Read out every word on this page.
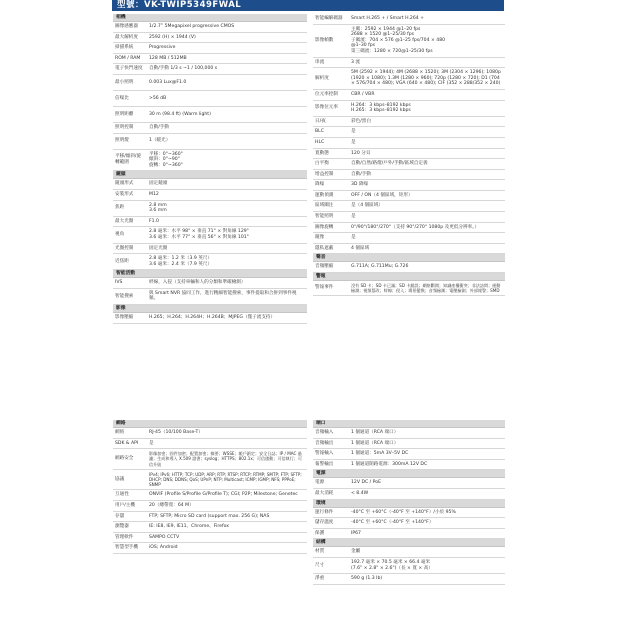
型號：VK-TWIP5349FWAL
相機
圖像感應器	1/2.7” 5Megapixel progressive CMOS
最大解析度	2592 (H) × 1944 (V)
掃描系統	Progressive
ROM / RAM	128 MB / 512MB
電子快門速度	自動/手動 1/3 s ~1 / 100,000 s
最小照明	0.003 Lux@F1.0
信噪比	>56 dB
照明距離	30 m (98.4 ft) (Warm light)
照明控制	自動/手動
照明燈	1（暖光）
平移/傾斜/旋轉範圍
平移：0°~360°
傾斜：0°~90°
旋轉：0°~360°
鏡頭
鏡頭形式	固定鏡頭
安裝形式	M12
焦距
2.8 mm
3.6 mm
最大光圈	F1.0
視角
2.8 毫米：水平 98° × 垂直 71° × 對角線 129°
3.6 毫米：水平 77° × 垂直 56° × 對角線 101°
光圈控制	固定光圈
近焦距
2.8 毫米：1.2 米（3.9 英尺）
3.6 毫米：2.4 米（7.9 英尺）
智能活動
IVS	絆線，入侵（支持車輛和人的分類和準確檢測）
智能搜索
與 Smart NVR 協同工作，進行精細智能搜索，事件提取和合併到事件視頻。
影像
影像壓縮	H.265；H.264；H.264H；H.264B；MJPEG（僅子流支持）
智能編解碼器	Smart H.265 + / Smart H.264 +
影像幀數
主碼：2592 × 1944 @1–20 fps
2688 × 1520 @1–25/30 fps
子碼流：704 × 576 @1–25 fps/704 × 480
@1–30 fps
第三碼流：1280 × 720@1–25/30 fps
串流	3 流
解析度
5M (2592 × 1944); 4M (2688 × 1520); 3M (2304 × 1296); 1080p (1920 × 1080); 1.3M (1280 × 960); 720p (1280 × 720); D1 (704 × 576/704 × 480); VGA (640 × 480); CIF (352 × 288/352 × 240)
位元率控制	CBR / VBR
影像位元率
H.264：3 kbps–8192 kbps
H.265：3 kbps–8192 kbps
日/夜	彩色/黑白
BLC	是
HLC	是
寬動態	120 分貝
白平衡	自動/自然/路燈/戶外/手動/區域自定義
增益控制	自動/手動
降噪	3D 降噪
運動偵測	OFF / ON（4 個區域，矩形）
區域關注	是（4 個區域）
智能照明	是
圖像旋轉	0°/90°/180°/270°（支持 90°/270° 1080p 及更低分辨率。）
鏡像	是
隱私遮蔽	4 個區域
聲音
音頻壓縮	G.711A; G.711Mu; G.726
警報
警報事件	沒有 SD 卡；SD 卡已滿；SD 卡錯誤；網絡斷開；知識產權衝突；非法訪問；運動檢測；視頻篡改；絆線；侵入；場景變換；音頻檢測；電壓檢測；外部報警；SMD
網絡
網絡	RJ-45（10/100 Base-T）
SDK & API	是
網路安全
影像加密；固件加密；配置加密；摘要；WSSE；帳戶鎖定；安全日誌；IP / MAC 過濾；生成和導入 X.509 證書；syslog；HTTPS；802.1x；可信啟動；可信執行；可信升級
協議
IPv4; IPv6; HTTP; TCP; UDP; ARP; RTP; RTSP; RTCP; RTMP; SMTP; FTP; SFTP; DHCP; DNS; DDNS; QoS; UPnP; NTP; Multicast; ICMP; IGMP; NFS; PPPoE; SNMP
互通性	ONVIF (Profile S/Profile G/Profile T); CGI; P2P; Milestone; Genetec
用戶/主機	20（總帶寬：64 M）
存儲	FTP; SFTP; Micro SD card (support max. 256 G); NAS
瀏覽器	IE: IE8, IE9, IE11、Chrome、Firefox
管理軟件	SAMPO CCTV
智慧型手機	iOS; Android
端口
音頻輸入	1 個通道（RCA 端口）
音頻輸出	1 個通道（RCA 端口）
警報輸入	1 個通道：5mA 3V–5V DC
報警輸出	1 個通道開路電源：300mA 12V DC
電源
電源	12V DC / PoE
最大消耗	< 8.4W
環境
運行條件	-40°C 至 +60°C（-40°F 至 +140°F）/小於 95%
儲存溫度	-40°C 至 +60°C（-40°F 至 +140°F）
保護	IP67
結構
材質	金屬
尺寸
192.7 毫米 × 70.5 毫米 × 66.4 毫米
(7.6" × 2.8" × 2.6")（長 × 寬 × 高）
淨重	590 g (1.3 lb)
